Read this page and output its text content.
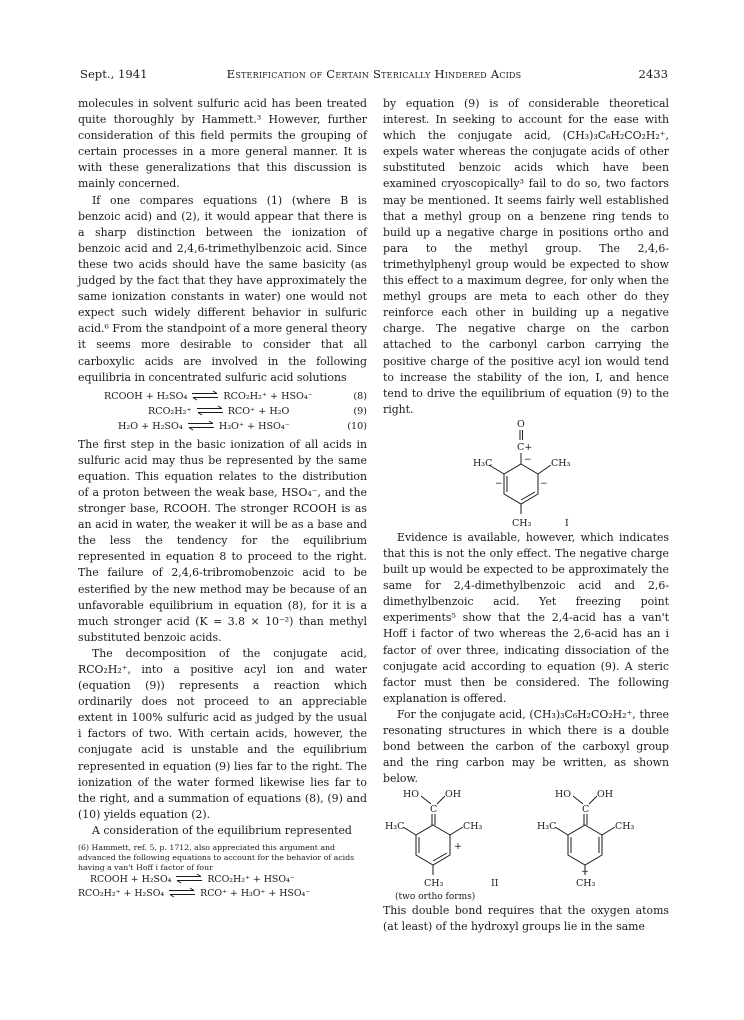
Sept., 1941	Esterification of Certain Sterically Hindered Acids	2433

molecules in solvent sulfuric acid has been treated quite thoroughly by Hammett.³ However, further consideration of this field permits the grouping of certain processes in a more general manner. It is with these generalizations that this discussion is mainly concerned.

If one compares equations (1) (where B is benzoic acid) and (2), it would appear that there is a sharp distinction between the ionization of benzoic acid and 2,4,6-trimethylbenzoic acid. Since these two acids should have the same basicity (as judged by the fact that they have approximately the same ionization constants in water) one would not expect such widely different behavior in sulfuric acid.⁶ From the standpoint of a more general theory it seems more desirable to consider that all carboxylic acids are involved in the following equilibria in concentrated sulfuric acid solutions

RCOOH + H₂SO₄ ⇌ RCO₂H₂⁺ + HSO₄⁻	(8)
RCO₂H₂⁺ ⇌ RCO⁺ + H₂O	(9)
H₂O + H₂SO₄ ⇌ H₃O⁺ + HSO₄⁻	(10)

The first step in the basic ionization of all acids in sulfuric acid may thus be represented by the same equation. This equation relates to the distribution of a proton between the weak base, HSO₄⁻, and the stronger base, RCOOH. The stronger RCOOH is as an acid in water, the weaker it will be as a base and the less the tendency for the equilibrium represented in equation 8 to proceed to the right. The failure of 2,4,6-tribromobenzoic acid to be esterified by the new method may be because of an unfavorable equilibrium in equation (8), for it is a much stronger acid (K = 3.8 × 10⁻²) than methyl substituted benzoic acids.

The decomposition of the conjugate acid, RCO₂H₂⁺, into a positive acyl ion and water (equation (9)) represents a reaction which ordinarily does not proceed to an appreciable extent in 100% sulfuric acid as judged by the usual i factors of two. With certain acids, however, the conjugate acid is unstable and the equilibrium represented in equation (9) lies far to the right. The ionization of the water formed likewise lies far to the right, and a summation of equations (8), (9) and (10) yields equation (2).

A consideration of the equilibrium represented

(6) Hammett, ref. 5, p. 1712, also appreciated this argument and advanced the following equations to account for the behavior of acids having a van't Hoff i factor of four

RCOOH + H₂SO₄ ⇌ RCO₂H₂⁺ + HSO₄⁻
RCO₂H₂⁺ + H₂SO₄ ⇌ RCO⁺ + H₃O⁺ + HSO₄⁻

by equation (9) is of considerable theoretical interest. In seeking to account for the ease with which the conjugate acid, (CH₃)₃C₆H₂CO₂H₂⁺, expels water whereas the conjugate acids of other substituted benzoic acids which have been examined cryoscopically³ fail to do so, two factors may be mentioned. It seems fairly well established that a methyl group on a benzene ring tends to build up a negative charge in positions ortho and para to the methyl group. The 2,4,6-trimethylphenyl group would be expected to show this effect to a maximum degree, for only when the methyl groups are meta to each other do they reinforce each other in building up a negative charge. The negative charge on the carbon attached to the carbonyl carbon carrying the positive charge of the positive acyl ion would tend to increase the stability of the ion, I, and hence tend to drive the equilibrium of equation (9) to the right.

O
C+
−
H₃C	CH₃
−	−
CH₃	I

Evidence is available, however, which indicates that this is not the only effect. The negative charge built up would be expected to be approximately the same for 2,4-dimethylbenzoic acid and 2,6-dimethylbenzoic acid. Yet freezing point experiments⁵ show that the 2,4-acid has a van't Hoff i factor of two whereas the 2,6-acid has an i factor of over three, indicating dissociation of the conjugate acid according to equation (9). A steric factor must then be considered. The following explanation is offered.

For the conjugate acid, (CH₃)₃C₆H₂CO₂H₂⁺, three resonating structures in which there is a double bond between the carbon of the carboxyl group and the ring carbon may be written, as shown below.

HO	OH
C
H₃C	CH₃
+
CH₃	II
(two ortho forms)
HO	OH
C
H₃C	CH₃
+
CH₃

This double bond requires that the oxygen atoms (at least) of the hydroxyl groups lie in the same
